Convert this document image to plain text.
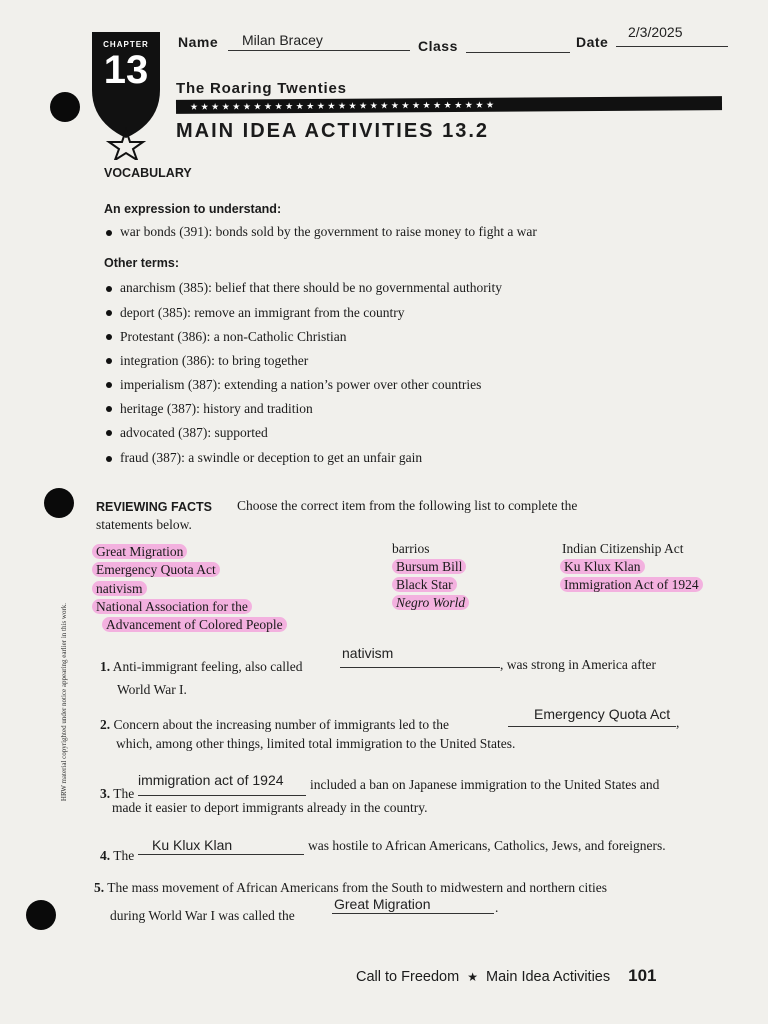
CHAPTER
13
Name Milan Bracey	Class	Date
2/3/2025
The Roaring Twenties
★ ★ ★ ★ ★ ★ ★ ★ ★ ★ ★ ★ ★ ★ ★ ★ ★ ★ ★ ★ ★ ★ ★ ★ ★ ★ ★ ★ ★
MAIN IDEA ACTIVITIES 13.2
VOCABULARY
An expression to understand:
war bonds (391): bonds sold by the government to raise money to fight a war
Other terms:
anarchism (385): belief that there should be no governmental authority
deport (385): remove an immigrant from the country
Protestant (386): a non-Catholic Christian
integration (386): to bring together
imperialism (387): extending a nation’s power over other countries
heritage (387): history and tradition
advocated (387): supported
fraud (387): a swindle or deception to get an unfair gain
REVIEWING FACTS Choose the correct item from the following list to complete the
statements below.
Great Migration
Emergency Quota Act
nativism
National Association for the
Advancement of Colored People
barrios
Bursum Bill
Black Star
Negro World
Indian Citizenship Act
Ku Klux Klan
Immigration Act of 1924
1. Anti-immigrant feeling, also called
nativism
, was strong in America after
World War I.
2. Concern about the increasing number of immigrants led to the
Emergency Quota Act
,
which, among other things, limited total immigration to the United States.
3. The
immigration act of 1924 included a ban on Japanese immigration to the United States and
made it easier to deport immigrants already in the country.
4. The
Ku Klux Klan	was hostile to African Americans, Catholics, Jews, and foreigners.
5. The mass movement of African Americans from the South to midwestern and northern cities
during World War I was called the
Great Migration	.
HRW material copyrighted under notice appearing earlier in this work.
Call to Freedom ★ Main Idea Activities 101
